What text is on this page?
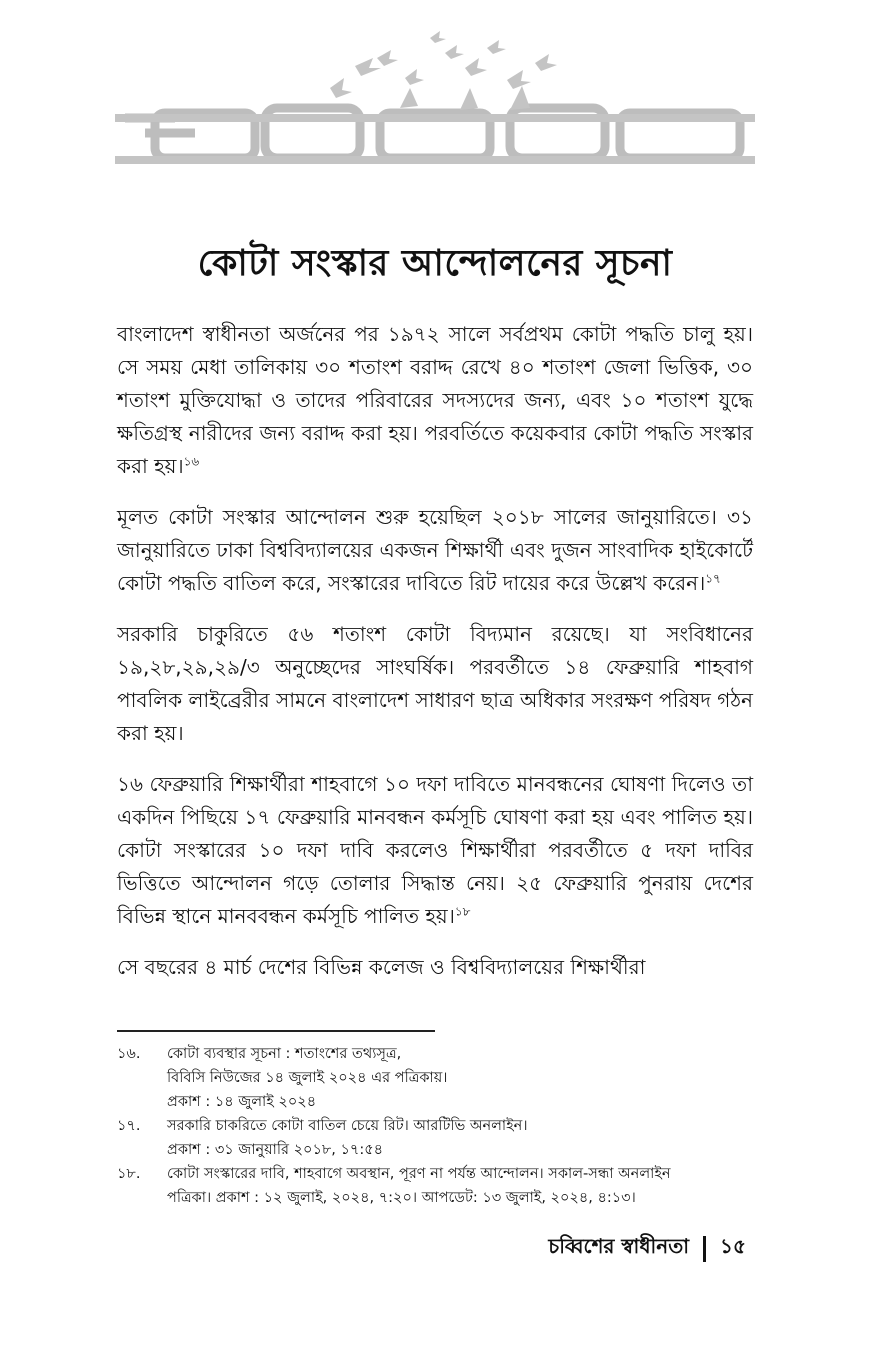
কোটা সংস্কার আন্দোলনের সূচনা

বাংলাদেশ স্বাধীনতা অর্জনের পর ১৯৭২ সালে সর্বপ্রথম কোটা পদ্ধতি চালু হয়। সে সময় মেধা তালিকায় ৩০ শতাংশ বরাদ্দ রেখে ৪০ শতাংশ জেলা ভিত্তিক, ৩০ শতাংশ মুক্তিযোদ্ধা ও তাদের পরিবারের সদস্যদের জন্য, এবং ১০ শতাংশ যুদ্ধে ক্ষতিগ্রস্থ নারীদের জন্য বরাদ্দ করা হয়। পরবর্তিতে কয়েকবার কোটা পদ্ধতি সংস্কার করা হয়।$^{১৬}$

মূলত কোটা সংস্কার আন্দোলন শুরু হয়েছিল ২০১৮ সালের জানুয়ারিতে। ৩১ জানুয়ারিতে ঢাকা বিশ্ববিদ্যালয়ের একজন শিক্ষার্থী এবং দুজন সাংবাদিক হাইকোর্টে কোটা পদ্ধতি বাতিল করে, সংস্কারের দাবিতে রিট দায়ের করে উল্লেখ করেন।$^{১৭}$

সরকারি চাকুরিতে ৫৬ শতাংশ কোটা বিদ্যমান রয়েছে। যা সংবিধানের ১৯,২৮,২৯,২৯/৩ অনুচ্ছেদের সাংঘর্ষিক। পরবর্তীতে ১৪ ফেব্রুয়ারি শাহবাগ পাবলিক লাইব্রেরীর সামনে বাংলাদেশ সাধারণ ছাত্র অধিকার সংরক্ষণ পরিষদ গঠন করা হয়।

১৬ ফেব্রুয়ারি শিক্ষার্থীরা শাহবাগে ১০ দফা দাবিতে মানবন্ধনের ঘোষণা দিলেও তা একদিন পিছিয়ে ১৭ ফেব্রুয়ারি মানবন্ধন কর্মসূচি ঘোষণা করা হয় এবং পালিত হয়। কোটা সংস্কারের ১০ দফা দাবি করলেও শিক্ষার্থীরা পরবর্তীতে ৫ দফা দাবির ভিত্তিতে আন্দোলন গড়ে তোলার সিদ্ধান্ত নেয়। ২৫ ফেব্রুয়ারি পুনরায় দেশের বিভিন্ন স্থানে মানববন্ধন কর্মসূচি পালিত হয়।$^{১৮}$

সে বছরের ৪ মার্চ দেশের বিভিন্ন কলেজ ও বিশ্ববিদ্যালয়ের শিক্ষার্থীরা

১৬.	কোটা ব্যবস্থার সূচনা : শতাংশের তথ্যসূত্র,
বিবিসি নিউজের ১৪ জুলাই ২০২৪ এর পত্রিকায়।
প্রকাশ : ১৪ জুলাই ২০২৪
১৭.	সরকারি চাকরিতে কোটা বাতিল চেয়ে রিট। আরটিভি অনলাইন।
প্রকাশ : ৩১ জানুয়ারি ২০১৮, ১৭:৫৪
১৮.	কোটা সংস্কারের দাবি, শাহবাগে অবস্থান, পূরণ না পর্যন্ত আন্দোলন। সকাল-সন্ধা অনলাইন
পত্রিকা। প্রকাশ : ১২ জুলাই, ২০২৪, ৭:২০। আপডেট: ১৩ জুলাই, ২০২৪, ৪:১৩।
চব্বিশের স্বাধীনতা ১৫
